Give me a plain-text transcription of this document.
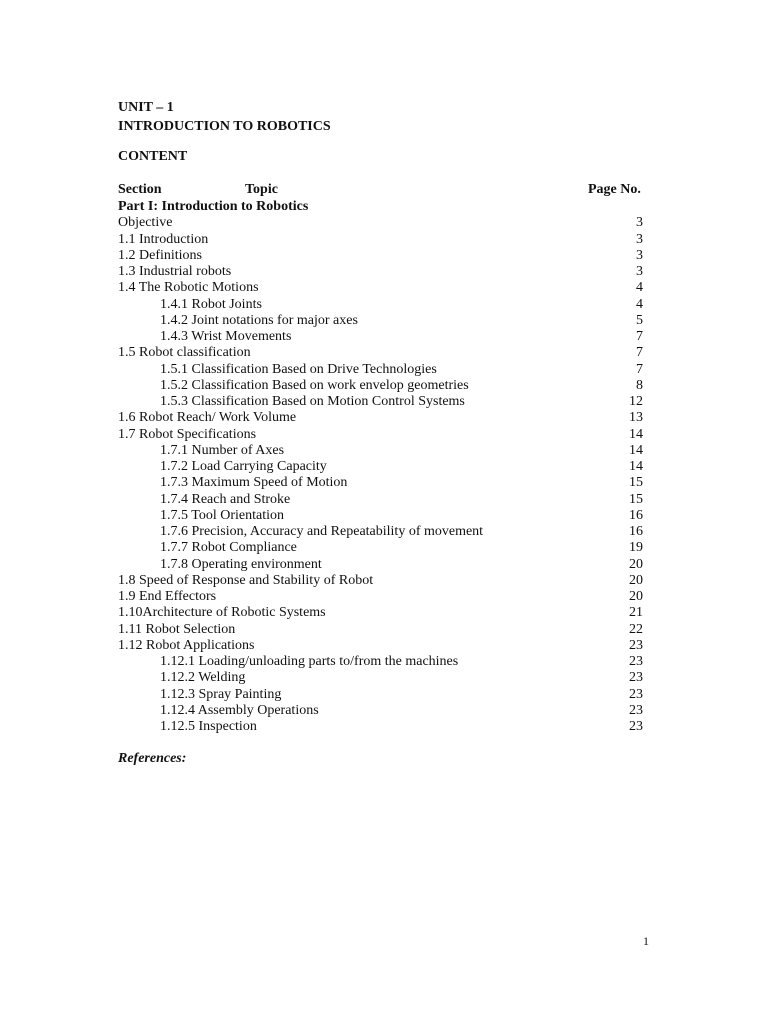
UNIT – 1
INTRODUCTION TO ROBOTICS
CONTENT
Section	Topic	Page No.
Part I: Introduction to Robotics
Objective	3
1.1 Introduction	3
1.2 Definitions	3
1.3 Industrial robots	3
1.4 The Robotic Motions	4
1.4.1 Robot Joints	4
1.4.2 Joint notations for major axes	5
1.4.3 Wrist Movements	7
1.5 Robot classification	7
1.5.1 Classification Based on Drive Technologies	7
1.5.2 Classification Based on work envelop geometries	8
1.5.3 Classification Based on Motion Control Systems	12
1.6 Robot Reach/ Work Volume	13
1.7 Robot Specifications	14
1.7.1 Number of Axes	14
1.7.2 Load Carrying Capacity	14
1.7.3 Maximum Speed of Motion	15
1.7.4 Reach and Stroke	15
1.7.5 Tool Orientation	16
1.7.6 Precision, Accuracy and Repeatability of movement	16
1.7.7 Robot Compliance	19
1.7.8 Operating environment	20
1.8 Speed of Response and Stability of Robot	20
1.9 End Effectors	20
1.10Architecture of Robotic Systems	21
1.11 Robot Selection	22
1.12 Robot Applications	23
1.12.1 Loading/unloading parts to/from the machines	23
1.12.2 Welding	23
1.12.3 Spray Painting	23
1.12.4 Assembly Operations	23
1.12.5 Inspection	23
References:
1
